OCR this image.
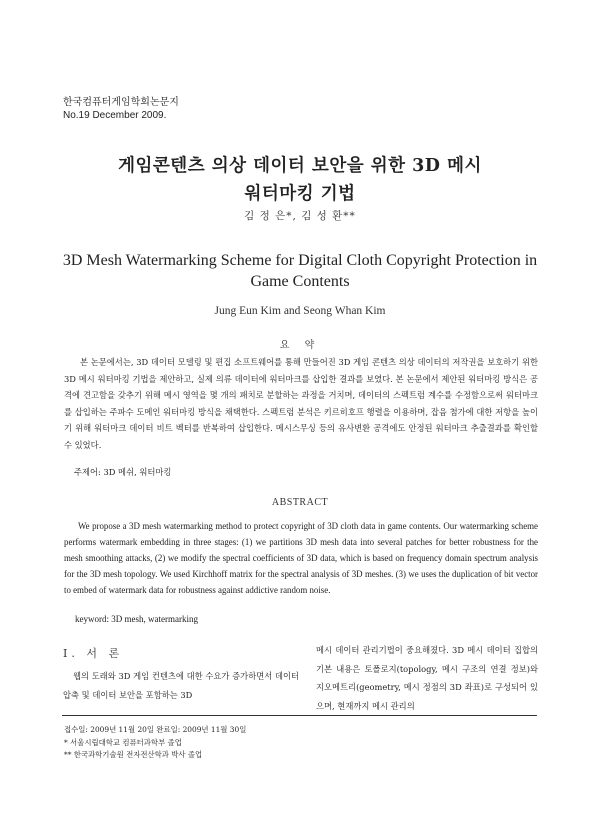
한국컴퓨터게임학회논문지
No.19 December 2009.
게임콘텐츠 의상 데이터 보안을 위한 3D 메시
워터마킹 기법
김 정 은*, 김 성 환**
3D Mesh Watermarking Scheme for Digital Cloth Copyright Protection in
Game Contents
Jung Eun Kim and Seong Whan Kim
요 약
본 논문에서는, 3D 데이터 모델링 및 편집 소프트웨어를 통해 만들어진 3D 게임 콘텐츠 의상 데이터의 저작권을 보호하기 위한 3D 메시 워터마킹 기법을 제안하고, 실제 의류 데이터에 워터마크를 삽입한 결과를 보였다. 본 논문에서 제안된 워터마킹 방식은 공격에 견고함을 갖추기 위해 메시 영역을 몇 개의 패치로 분할하는 과정을 거치며, 데이터의 스펙트럼 계수를 수정함으로써 워터마크를 삽입하는 주파수 도메인 워터마킹 방식을 채택한다. 스펙트럼 분석은 키르히호프 행렬을 이용하며, 잡음 첨가에 대한 저항을 높이기 위해 워터마크 데이터 비트 벡터를 반복하여 삽입한다. 메시스무싱 등의 유사변환 공격에도 안정된 워터마크 추출결과를 확인할 수 있었다.
주제어: 3D 메쉬, 워터마킹
ABSTRACT
We propose a 3D mesh watermarking method to protect copyright of 3D cloth data in game contents. Our watermarking scheme performs watermark embedding in three stages: (1) we partitions 3D mesh data into several patches for better robustness for the mesh smoothing attacks, (2) we modify the spectral coefficients of 3D data, which is based on frequency domain spectrum analysis for the 3D mesh topology. We used Kirchhoff matrix for the spectral analysis of 3D meshes. (3) we uses the duplication of bit vector to embed of watermark data for robustness against addictive random noise.
keyword: 3D mesh, watermarking
Ⅰ. 서 론

웹의 도래와 3D 게임 컨텐츠에 대한 수요가 증가하면서 데이터 압축 및 데이터 보안을 포함하는 3D

메시 데이터 관리기법이 중요해졌다. 3D 메시 데이터 집합의 기본 내용은 토폴로지(topology, 메시 구조의 연결 정보)와 지오메트리(geometry, 메시 정점의 3D 좌표)로 구성되어 있으며, 현재까지 메시 관리의

접수일: 2009년 11월 20일 완료일: 2009년 11월 30일
* 서울시립대학교 컴퓨터과학부 졸업
** 한국과학기술원 전자전산학과 박사 졸업
